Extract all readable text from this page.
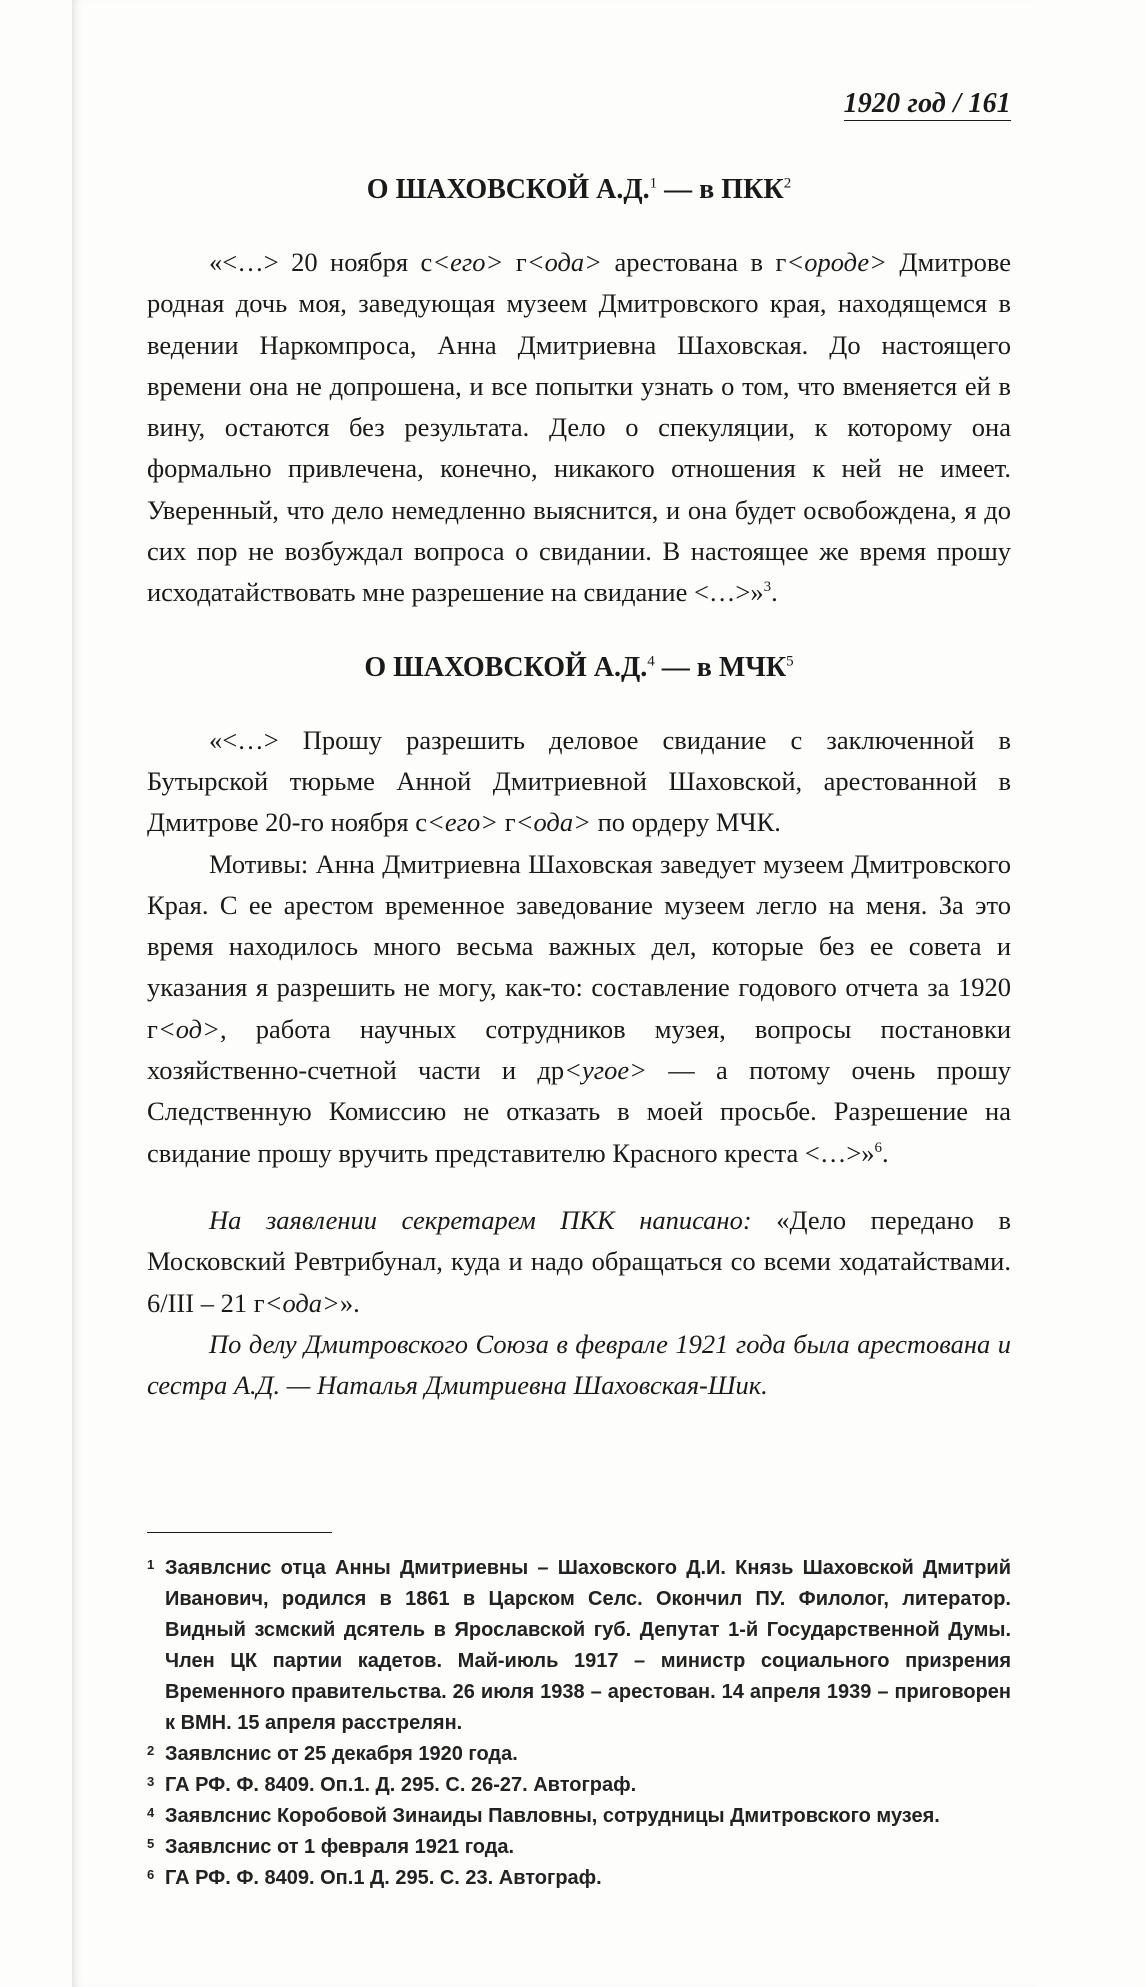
1920 год / 161
О ШАХОВСКОЙ А.Д.$^1$ — в ПКК$^2$

«<…> 20 ноября с<его> г<ода> арестована в г<ороде> Дмитрове родная дочь моя, заведующая музеем Дмитровского края, находящемся в ведении Наркомпроса, Анна Дмитриевна Шаховская. До настоящего времени она не допрошена, и все попытки узнать о том, что вменяется ей в вину, остаются без результата. Дело о спекуляции, к которому она формально привлечена, конечно, никакого отношения к ней не имеет. Уверенный, что дело немедленно выяснится, и она будет освобождена, я до сих пор не возбуждал вопроса о свидании. В настоящее же время прошу исходатайствовать мне разрешение на свидание <…>»$^3$.

О ШАХОВСКОЙ А.Д.$^4$ — в МЧК$^5$

«<…> Прошу разрешить деловое свидание с заключенной в Бутырской тюрьме Анной Дмитриевной Шаховской, арестованной в Дмитрове 20-го ноября с<его> г<ода> по ордеру МЧК.

Мотивы: Анна Дмитриевна Шаховская заведует музеем Дмитровского Края. С ее арестом временное заведование музеем легло на меня. За это время находилось много весьма важных дел, которые без ее совета и указания я разрешить не могу, как-то: составление годового отчета за 1920 г<од>, работа научных сотрудников музея, вопросы постановки хозяйственно-счетной части и др<угое> — а потому очень прошу Следственную Комиссию не отказать в моей просьбе. Разрешение на свидание прошу вручить представителю Красного креста <…>»$^6$.

На заявлении секретарем ПКК написано: «Дело передано в Московский Ревтрибунал, куда и надо обращаться со всеми ходатайствами. 6/III – 21 г<ода>».

По делу Дмитровского Союза в феврале 1921 года была арестована и сестра А.Д. — Наталья Дмитриевна Шаховская-Шик.

1 Заявлснис отца Анны Дмитриевны – Шаховского Д.И. Князь Шаховской Дмитрий Иванович, родился в 1861 в Царском Селс. Окончил ПУ. Филолог, литератор. Видный зсмский дсятель в Ярославской губ. Депутат 1-й Государственной Думы. Член ЦК партии кадетов. Май-июль 1917 – министр социального призрения Временного правительства. 26 июля 1938 – арестован. 14 апреля 1939 – приговорен к ВМН. 15 апреля расстрелян.
2 Заявлснис от 25 декабря 1920 года.
3 ГА РФ. Ф. 8409. Оп.1. Д. 295. С. 26-27. Автограф.
4 Заявлснис Коробовой Зинаиды Павловны, сотрудницы Дмитровского музея.
5 Заявлснис от 1 февраля 1921 года.
6 ГА РФ. Ф. 8409. Оп.1 Д. 295. С. 23. Автограф.
